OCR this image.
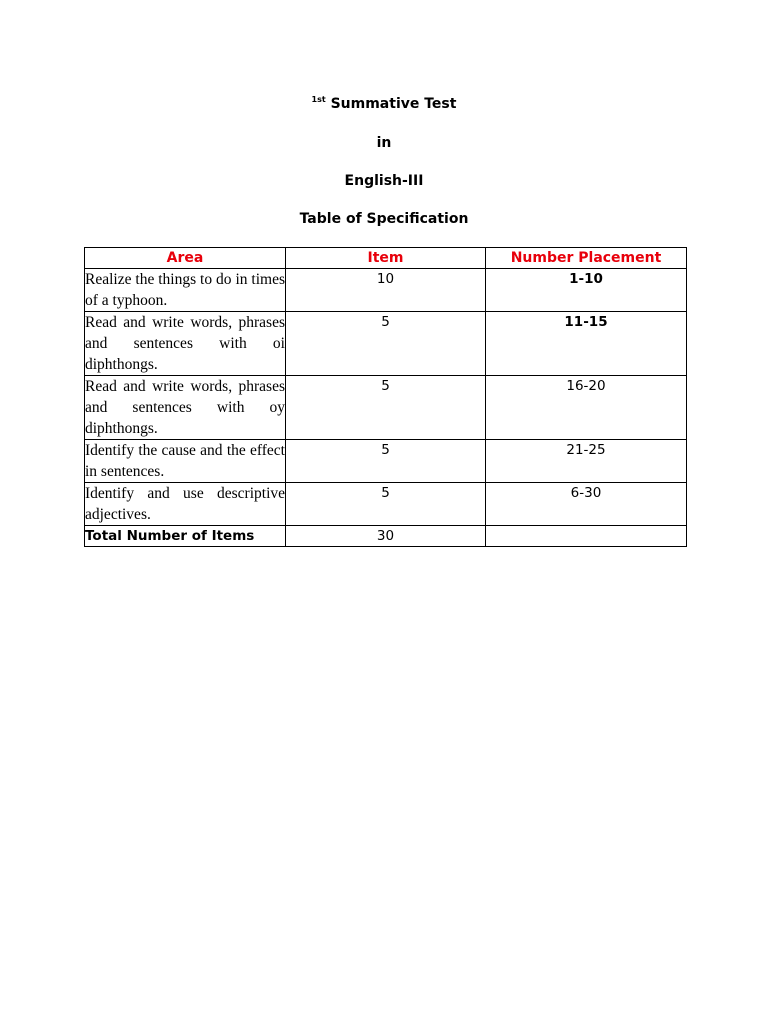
$^{1st}$ Summative Test
in
English-III
Table of Specification
Area	Item	Number Placement
Realize the things to do in times of a typhoon.	10	1-10
Read and write words, phrases and sentences with oi diphthongs.	5	11-15
Read and write words, phrases and sentences with oy diphthongs.	5	16-20
Identify the cause and the effect in sentences.	5	21-25
Identify and use descriptive adjectives.	5	6-30
Total Number of Items	30	
